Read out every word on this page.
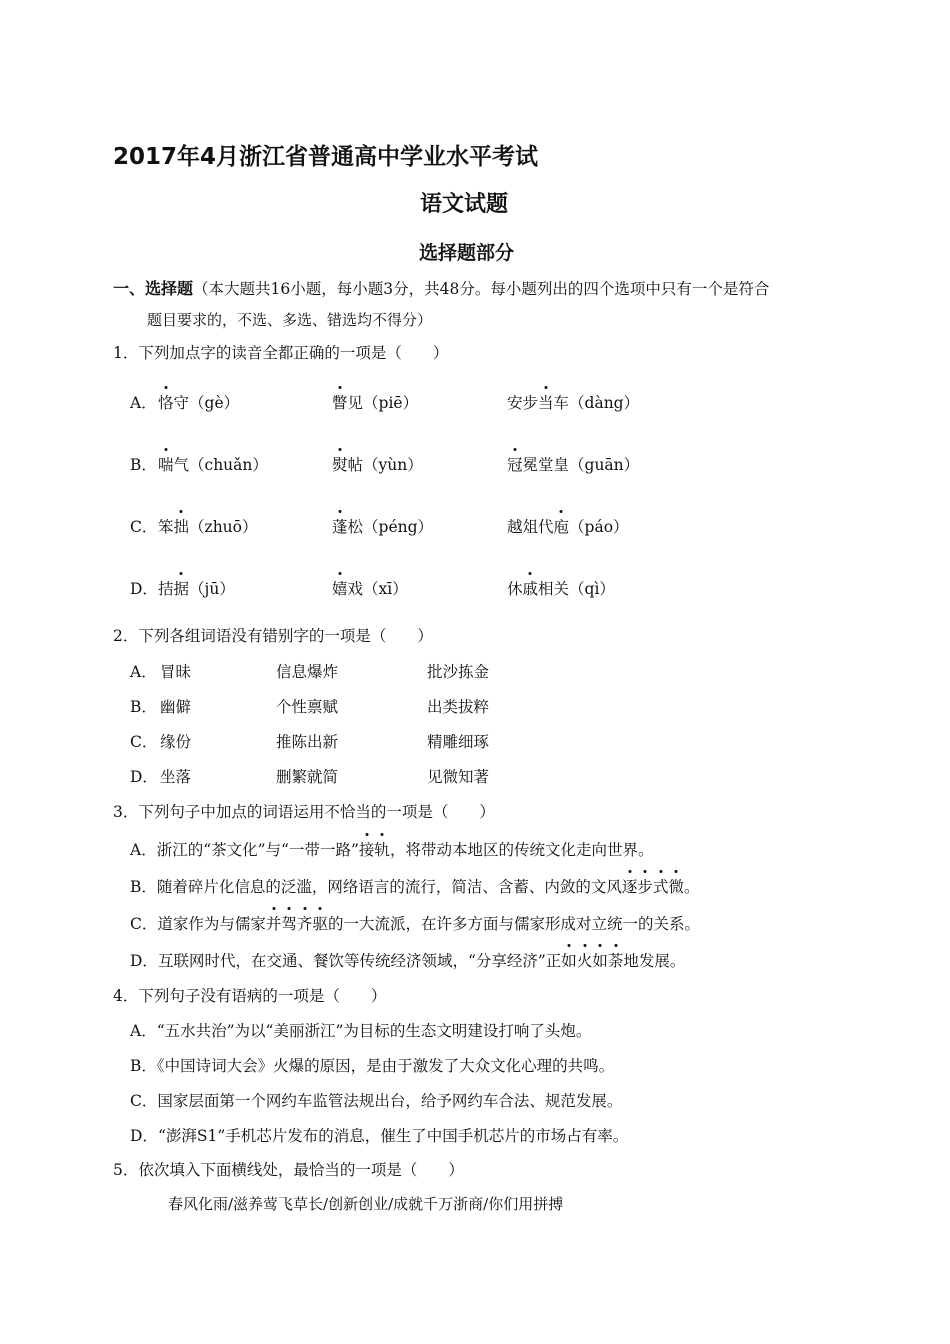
2017年4月浙江省普通高中学业水平考试
语文试题
选择题部分
一、选择题（本大题共16小题，每小题3分，共48分。每小题列出的四个选项中只有一个是符合
题目要求的，不选、多选、错选均不得分）
1．下列加点字的读音全都正确的一项是（　　）
A． 恪守（gè）	瞥见（piē）	安步当车（dàng）
B． 喘气（chuǎn）	熨帖（yùn）	冠冕堂皇（guān）
C． 笨拙（zhuō）	蓬松（péng）	越俎代庖（páo）
D． 拮据（jū）	嬉戏（xī）	休戚相关（qì）
2．下列各组词语没有错别字的一项是（　　）
A． 冒昧	信息爆炸	批沙拣金
B． 幽僻	个性禀赋	出类拔粹
C． 缘份	推陈出新	精雕细琢
D． 坐落	删繁就简	见微知著
3．下列句子中加点的词语运用不恰当的一项是（　　）
A．浙江的“茶文化”与“一带一路”接轨，将带动本地区的传统文化走向世界。
B．随着碎片化信息的泛滥，网络语言的流行，简洁、含蓄、内敛的文风逐步式微。
C．道家作为与儒家并驾齐驱的一大流派，在许多方面与儒家形成对立统一的关系。
D．互联网时代，在交通、餐饮等传统经济领域，“分享经济”正如火如荼地发展。
4．下列句子没有语病的一项是（　　）
A．“五水共治”为以“美丽浙江”为目标的生态文明建设打响了头炮。
B．《中国诗词大会》火爆的原因，是由于激发了大众文化心理的共鸣。
C．国家层面第一个网约车监管法规出台，给予网约车合法、规范发展。
D．“澎湃S1”手机芯片发布的消息，催生了中国手机芯片的市场占有率。
5．依次填入下面横线处，最恰当的一项是（　　）
春风化雨/滋养莺飞草长/创新创业/成就千万浙商/你们用拼搏
